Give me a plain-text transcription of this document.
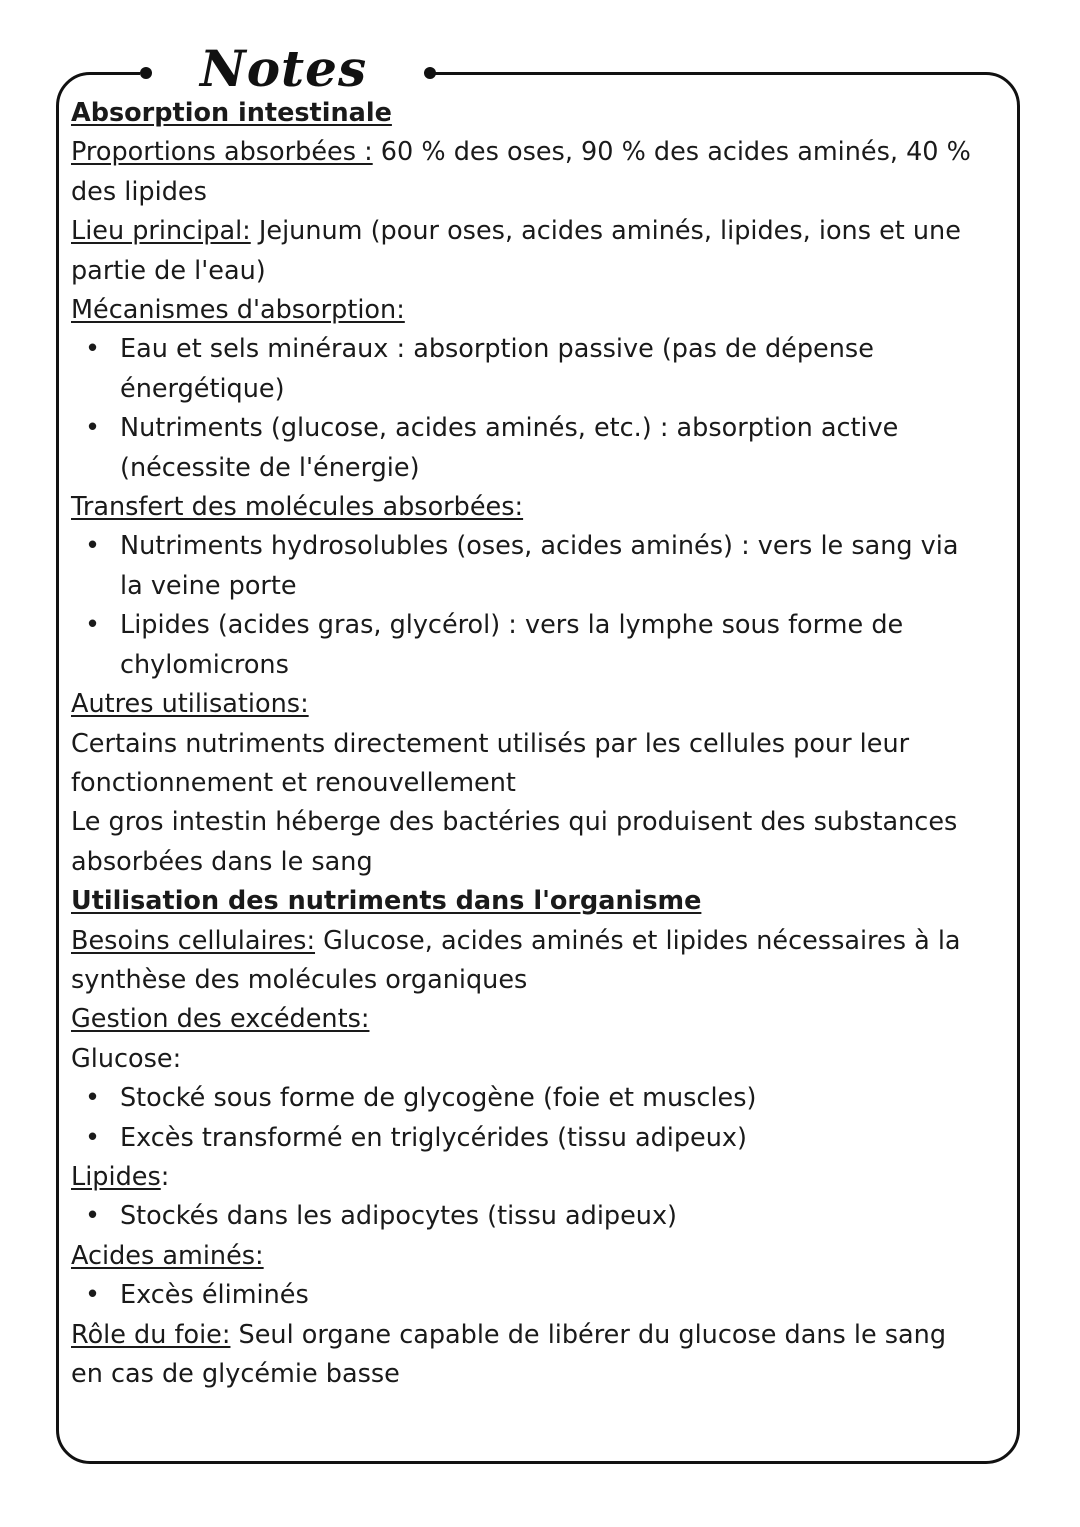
Notes
Absorption intestinale
Proportions absorbées : 60 % des oses, 90 % des acides aminés, 40 %
des lipides
Lieu principal: Jejunum (pour oses, acides aminés, lipides, ions et une
partie de l'eau)
Mécanismes d'absorption:
• Eau et sels minéraux : absorption passive (pas de dépense
énergétique)
• Nutriments (glucose, acides aminés, etc.) : absorption active
(nécessite de l'énergie)
Transfert des molécules absorbées:
• Nutriments hydrosolubles (oses, acides aminés) : vers le sang via
la veine porte
• Lipides (acides gras, glycérol) : vers la lymphe sous forme de
chylomicrons
Autres utilisations:
Certains nutriments directement utilisés par les cellules pour leur
fonctionnement et renouvellement
Le gros intestin héberge des bactéries qui produisent des substances
absorbées dans le sang
Utilisation des nutriments dans l'organisme
Besoins cellulaires: Glucose, acides aminés et lipides nécessaires à la
synthèse des molécules organiques
Gestion des excédents:
Glucose:
• Stocké sous forme de glycogène (foie et muscles)
• Excès transformé en triglycérides (tissu adipeux)
Lipides:
• Stockés dans les adipocytes (tissu adipeux)
Acides aminés:
• Excès éliminés
Rôle du foie: Seul organe capable de libérer du glucose dans le sang
en cas de glycémie basse
